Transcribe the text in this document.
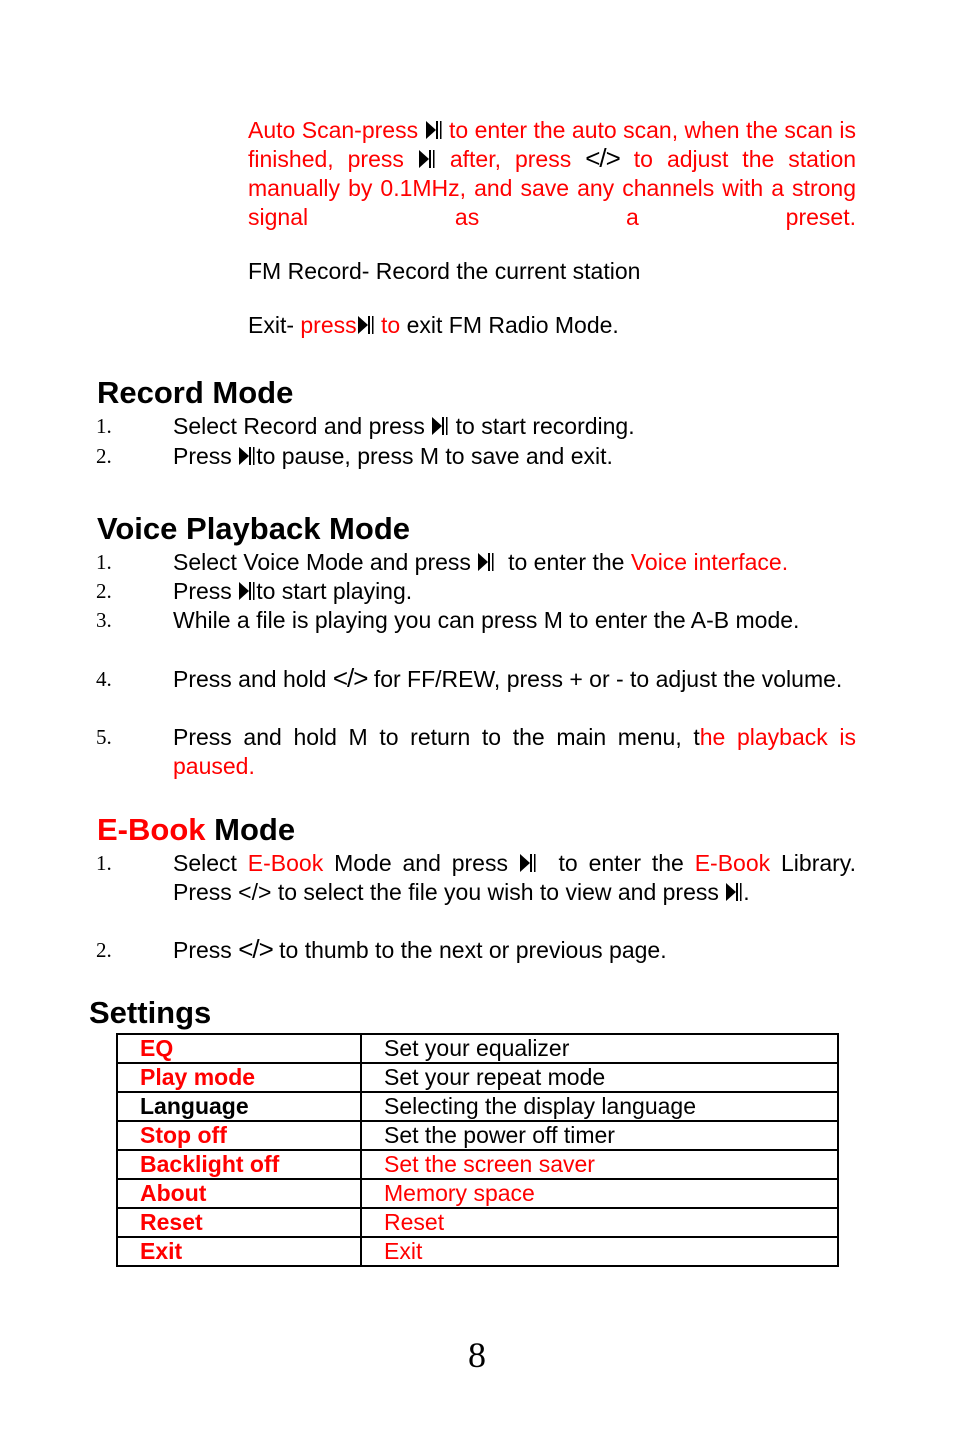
Auto Scan-press to enter the auto scan, when the scan is finished, press after, press </> to adjust the station manually by 0.1MHz, and save any channels with a strong signal as a preset.
FM Record- Record the current station
Exit- press to exit FM Radio Mode.
Record Mode
1.	Select Record and press to start recording.
2.	Press to pause, press M to save and exit.
Voice Playback Mode
1.	Select Voice Mode and press to enter the Voice interface.
2.	Press to start playing.
3.	While a file is playing you can press M to enter the A-B mode.
4.	Press and hold </> for FF/REW, press + or - to adjust the volume.
5.	Press and hold M to return to the main menu, the playback is paused.
E-Book Mode
1.	Select E-Book Mode and press to enter the E-Book Library. Press </> to select the file you wish to view and press .
2.	Press </> to thumb to the next or previous page.
Settings
EQ	Set your equalizer
Play mode	Set your repeat mode
Language	Selecting the display language
Stop off	Set the power off timer
Backlight off	Set the screen saver
About	Memory space
Reset	Reset
Exit	Exit
8
